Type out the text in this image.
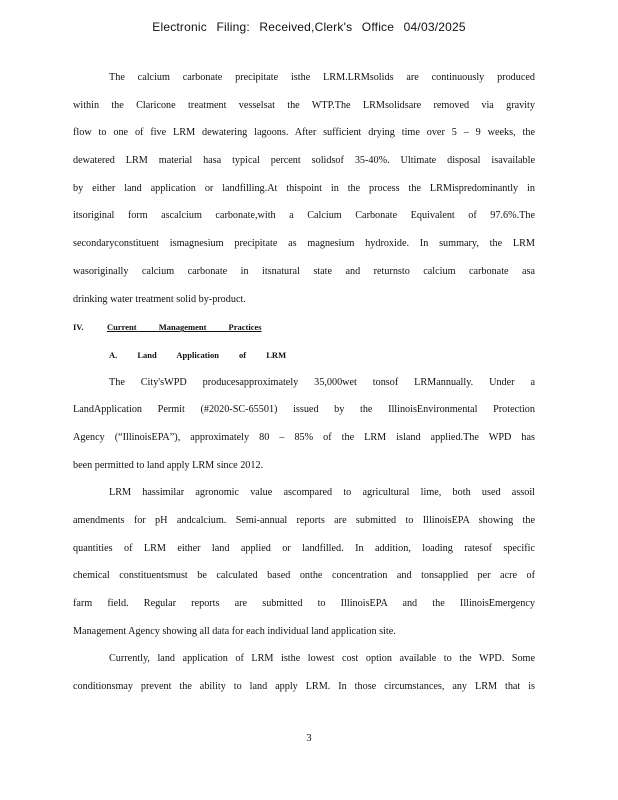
Electronic Filing: Received,Clerk's Office 04/03/2025
The calcium carbonate precipitate isthe LRM.LRMsolids are continuously produced
within the Claricone treatment vesselsat the WTP.The LRMsolidsare removed via gravity
flow to one of five LRM dewatering lagoons. After sufficient drying time over 5 – 9 weeks, the
dewatered LRM material hasa typical percent solidsof 35-40%. Ultimate disposal isavailable
by either land application or landfilling.At thispoint in the process the LRMispredominantly in
itsoriginal form ascalcium carbonate,with a Calcium Carbonate Equivalent of 97.6%.The
secondaryconstituent ismagnesium precipitate as magnesium hydroxide. In summary, the LRM
wasoriginally calcium carbonate in itsnatural state and returnsto calcium carbonate asa
drinking water treatment solid by-product.
IV.	Current Management Practices
A. Land Application of LRM
The City'sWPD producesapproximately 35,000wet tonsof LRMannually. Under a
LandApplication Permit (#2020-SC-65501) issued by the IllinoisEnvironmental Protection
Agency (“IllinoisEPA”), approximately 80 – 85% of the LRM island applied.The WPD has
been permitted to land apply LRM since 2012.
LRM hassimilar agronomic value ascompared to agricultural lime, both used assoil
amendments for pH andcalcium. Semi-annual reports are submitted to IllinoisEPA showing the
quantities of LRM either land applied or landfilled. In addition, loading ratesof specific
chemical constituentsmust be calculated based onthe concentration and tonsapplied per acre of
farm field. Regular reports are submitted to IllinoisEPA and the IllinoisEmergency
Management Agency showing all data for each individual land application site.
Currently, land application of LRM isthe lowest cost option available to the WPD. Some
conditionsmay prevent the ability to land apply LRM. In those circumstances, any LRM that is
3
